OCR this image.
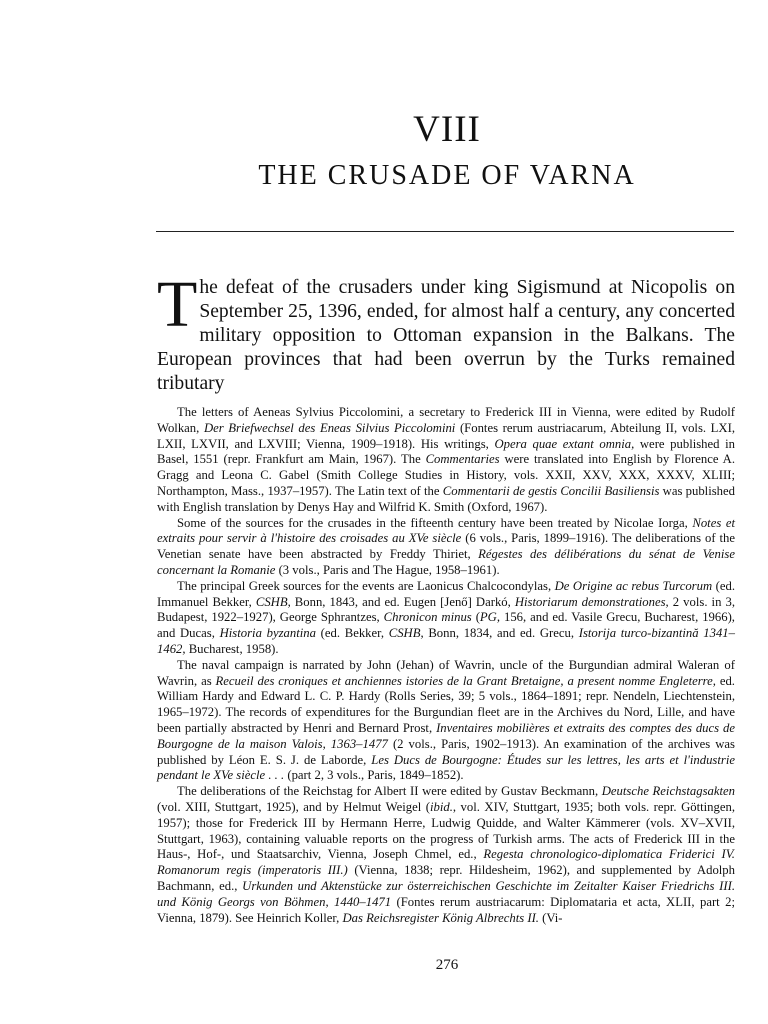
VIII
THE CRUSADE OF VARNA

The defeat of the crusaders under king Sigismund at Nicopolis on September 25, 1396, ended, for almost half a century, any concerted military opposition to Ottoman expansion in the Balkans. The European provinces that had been overrun by the Turks remained tributary

The letters of Aeneas Sylvius Piccolomini, a secretary to Frederick III in Vienna, were edited by Rudolf Wolkan, Der Briefwechsel des Eneas Silvius Piccolomini (Fontes rerum austriacarum, Abteilung II, vols. LXI, LXII, LXVII, and LXVIII; Vienna, 1909–1918). His writings, Opera quae extant omnia, were published in Basel, 1551 (repr. Frankfurt am Main, 1967). The Commentaries were translated into English by Florence A. Gragg and Leona C. Gabel (Smith College Studies in History, vols. XXII, XXV, XXX, XXXV, XLIII; Northampton, Mass., 1937–1957). The Latin text of the Commentarii de gestis Concilii Basiliensis was published with English translation by Denys Hay and Wilfrid K. Smith (Oxford, 1967).

Some of the sources for the crusades in the fifteenth century have been treated by Nicolae Iorga, Notes et extraits pour servir à l'histoire des croisades au XVe siècle (6 vols., Paris, 1899–1916). The deliberations of the Venetian senate have been abstracted by Freddy Thiriet, Régestes des délibérations du sénat de Venise concernant la Romanie (3 vols., Paris and The Hague, 1958–1961).

The principal Greek sources for the events are Laonicus Chalcocondylas, De Origine ac rebus Turcorum (ed. Immanuel Bekker, CSHB, Bonn, 1843, and ed. Eugen [Jenő] Darkó, Historiarum demonstrationes, 2 vols. in 3, Budapest, 1922–1927), George Sphrantzes, Chronicon minus (PG, 156, and ed. Vasile Grecu, Bucharest, 1966), and Ducas, Historia byzantina (ed. Bekker, CSHB, Bonn, 1834, and ed. Grecu, Istorija turco-bizantină 1341–1462, Bucharest, 1958).

The naval campaign is narrated by John (Jehan) of Wavrin, uncle of the Burgundian admiral Waleran of Wavrin, as Recueil des croniques et anchiennes istories de la Grant Bretaigne, a present nomme Engleterre, ed. William Hardy and Edward L. C. P. Hardy (Rolls Series, 39; 5 vols., 1864–1891; repr. Nendeln, Liechtenstein, 1965–1972). The records of expenditures for the Burgundian fleet are in the Archives du Nord, Lille, and have been partially abstracted by Henri and Bernard Prost, Inventaires mobilières et extraits des comptes des ducs de Bourgogne de la maison Valois, 1363–1477 (2 vols., Paris, 1902–1913). An examination of the archives was published by Léon E. S. J. de Laborde, Les Ducs de Bourgogne: Études sur les lettres, les arts et l'industrie pendant le XVe siècle . . . (part 2, 3 vols., Paris, 1849–1852).

The deliberations of the Reichstag for Albert II were edited by Gustav Beckmann, Deutsche Reichstagsakten (vol. XIII, Stuttgart, 1925), and by Helmut Weigel (ibid., vol. XIV, Stuttgart, 1935; both vols. repr. Göttingen, 1957); those for Frederick III by Hermann Herre, Ludwig Quidde, and Walter Kämmerer (vols. XV–XVII, Stuttgart, 1963), containing valuable reports on the progress of Turkish arms. The acts of Frederick III in the Haus-, Hof-, und Staatsarchiv, Vienna, Joseph Chmel, ed., Regesta chronologico-diplomatica Friderici IV. Romanorum regis (imperatoris III.) (Vienna, 1838; repr. Hildesheim, 1962), and supplemented by Adolph Bachmann, ed., Urkunden und Aktenstücke zur österreichischen Geschichte im Zeitalter Kaiser Friedrichs III. und König Georgs von Böhmen, 1440–1471 (Fontes rerum austriacarum: Diplomataria et acta, XLII, part 2; Vienna, 1879). See Heinrich Koller, Das Reichsregister König Albrechts II. (Vi-

276
